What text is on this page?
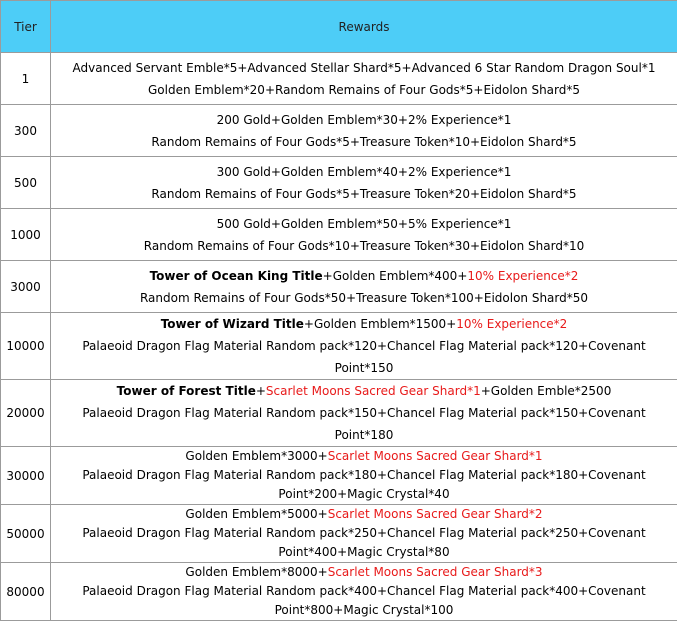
Tier	Rewards
1	Advanced Servant Emble*5+Advanced Stellar Shard*5+Advanced 6 Star Random Dragon Soul*1
Golden Emblem*20+Random Remains of Four Gods*5+Eidolon Shard*5

300	200 Gold+Golden Emblem*30+2% Experience*1
Random Remains of Four Gods*5+Treasure Token*10+Eidolon Shard*5

500	300 Gold+Golden Emblem*40+2% Experience*1
Random Remains of Four Gods*5+Treasure Token*20+Eidolon Shard*5

1000	500 Gold+Golden Emblem*50+5% Experience*1
Random Remains of Four Gods*10+Treasure Token*30+Eidolon Shard*10

3000	Tower of Ocean King Title+Golden Emblem*400+10% Experience*2
Random Remains of Four Gods*50+Treasure Token*100+Eidolon Shard*50

10000	Tower of Wizard Title+Golden Emblem*1500+10% Experience*2
Palaeoid Dragon Flag Material Random pack*120+Chancel Flag Material pack*120+Covenant Point*150

20000	Tower of Forest Title+Scarlet Moons Sacred Gear Shard*1+Golden Emble*2500
Palaeoid Dragon Flag Material Random pack*150+Chancel Flag Material pack*150+Covenant Point*180

30000	Golden Emblem*3000+Scarlet Moons Sacred Gear Shard*1
Palaeoid Dragon Flag Material Random pack*180+Chancel Flag Material pack*180+Covenant
Point*200+Magic Crystal*40

50000	Golden Emblem*5000+Scarlet Moons Sacred Gear Shard*2
Palaeoid Dragon Flag Material Random pack*250+Chancel Flag Material pack*250+Covenant
Point*400+Magic Crystal*80

80000	Golden Emblem*8000+Scarlet Moons Sacred Gear Shard*3
Palaeoid Dragon Flag Material Random pack*400+Chancel Flag Material pack*400+Covenant
Point*800+Magic Crystal*100
